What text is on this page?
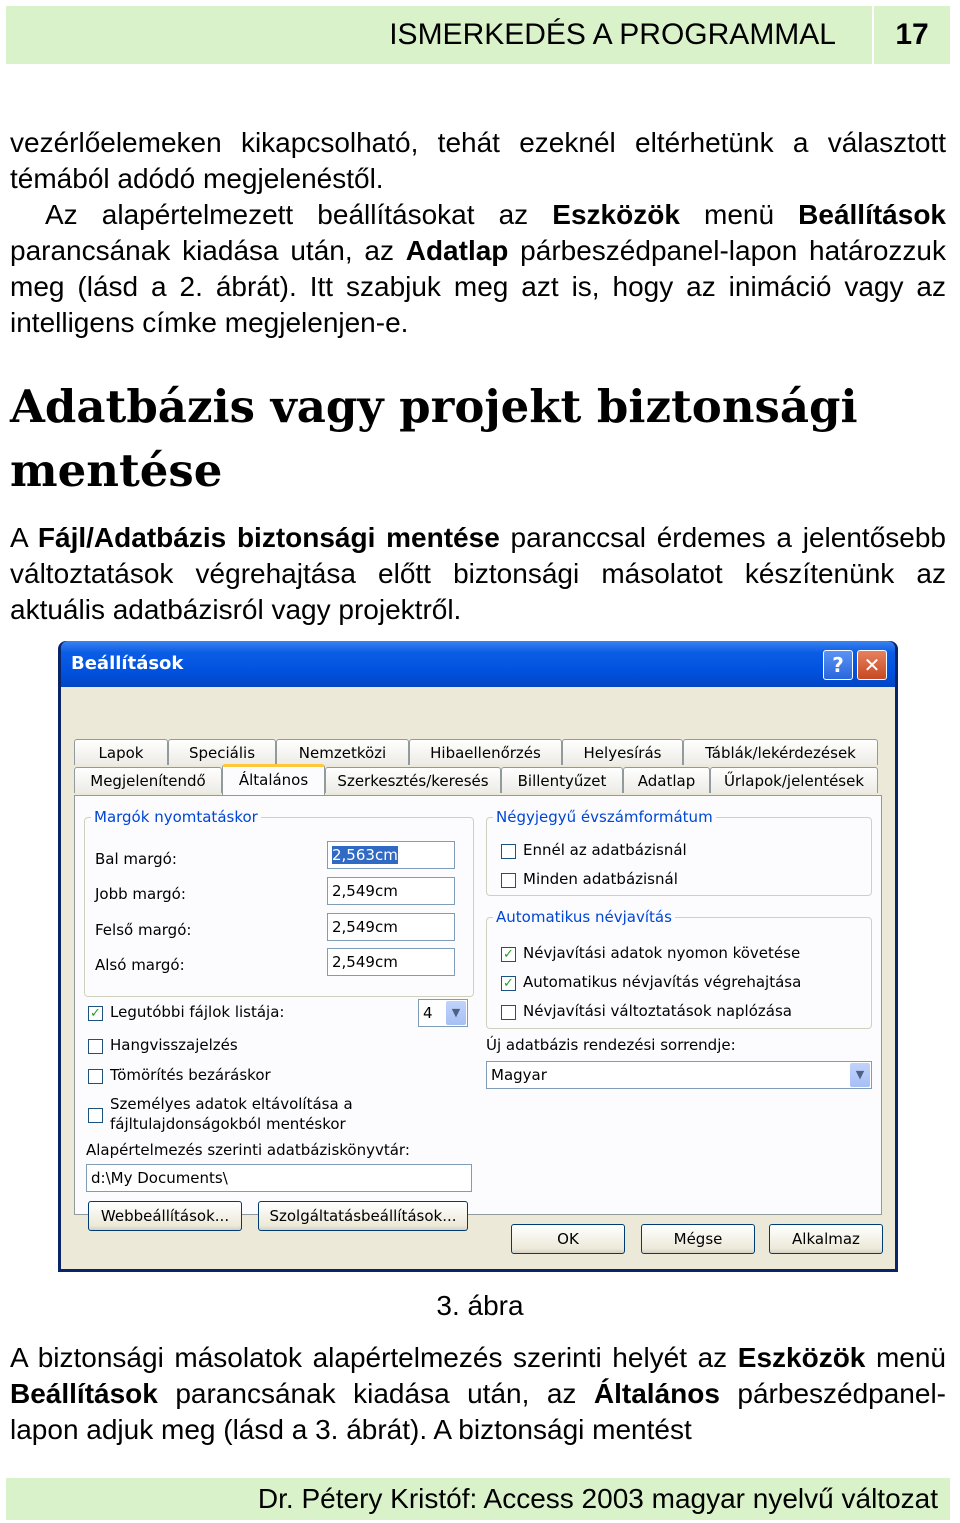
ISMERKEDÉS A PROGRAMMAL	17
vezérlőelemeken kikapcsolható, tehát ezeknél eltérhetünk a választott témából adódó megjelenéstől.
Az alapértelmezett beállításokat az Eszközök menü Beállítások parancsának kiadása után, az Adatlap párbeszédpanel-lapon határozzuk meg (lásd a 2. ábrát). Itt szabjuk meg azt is, hogy az inimáció vagy az intelligens címke megjelenjen-e.
Adatbázis vagy projekt biztonsági mentése
A Fájl/Adatbázis biztonsági mentése paranccsal érdemes a jelentősebb változtatások végrehajtása előtt biztonsági másolatot készítenünk az aktuális adatbázisról vagy projektről.
Beállítások	? ✕
Lapok	Speciális	Nemzetközi	Hibaellenőrzés	Helyesírás	Táblák/lekérdezések
Megjelenítendő	Általános	Szerkesztés/keresés	Billentyűzet	Adatlap	Űrlapok/jelentések
Margók nyomtatáskor
Bal margó:	2,563cm
Jobb margó:	2,549cm
Felső margó:	2,549cm
Alsó margó:	2,549cm
✓ Legutóbbi fájlok listája:	4	▼
Hangvisszajelzés
Tömörítés bezáráskor
Személyes adatok eltávolítása a fájltulajdonságokból mentéskor
Alapértelmezés szerinti adatbáziskönyvtár:
d:\My Documents\
Webbeállítások...	Szolgáltatásbeállítások...
Négyjegyű évszámformátum
Ennél az adatbázisnál
Minden adatbázisnál
Automatikus névjavítás
✓ Névjavítási adatok nyomon követése
✓ Automatikus névjavítás végrehajtása
Névjavítási változtatások naplózása
Új adatbázis rendezési sorrendje:
Magyar	▼
OK	Mégse	Alkalmaz
3. ábra
A biztonsági másolatok alapértelmezés szerinti helyét az Eszközök menü Beállítások parancsának kiadása után, az Általános párbeszédpanel-lapon adjuk meg (lásd a 3. ábrát). A biztonsági mentést
Dr. Pétery Kristóf: Access 2003 magyar nyelvű változat
